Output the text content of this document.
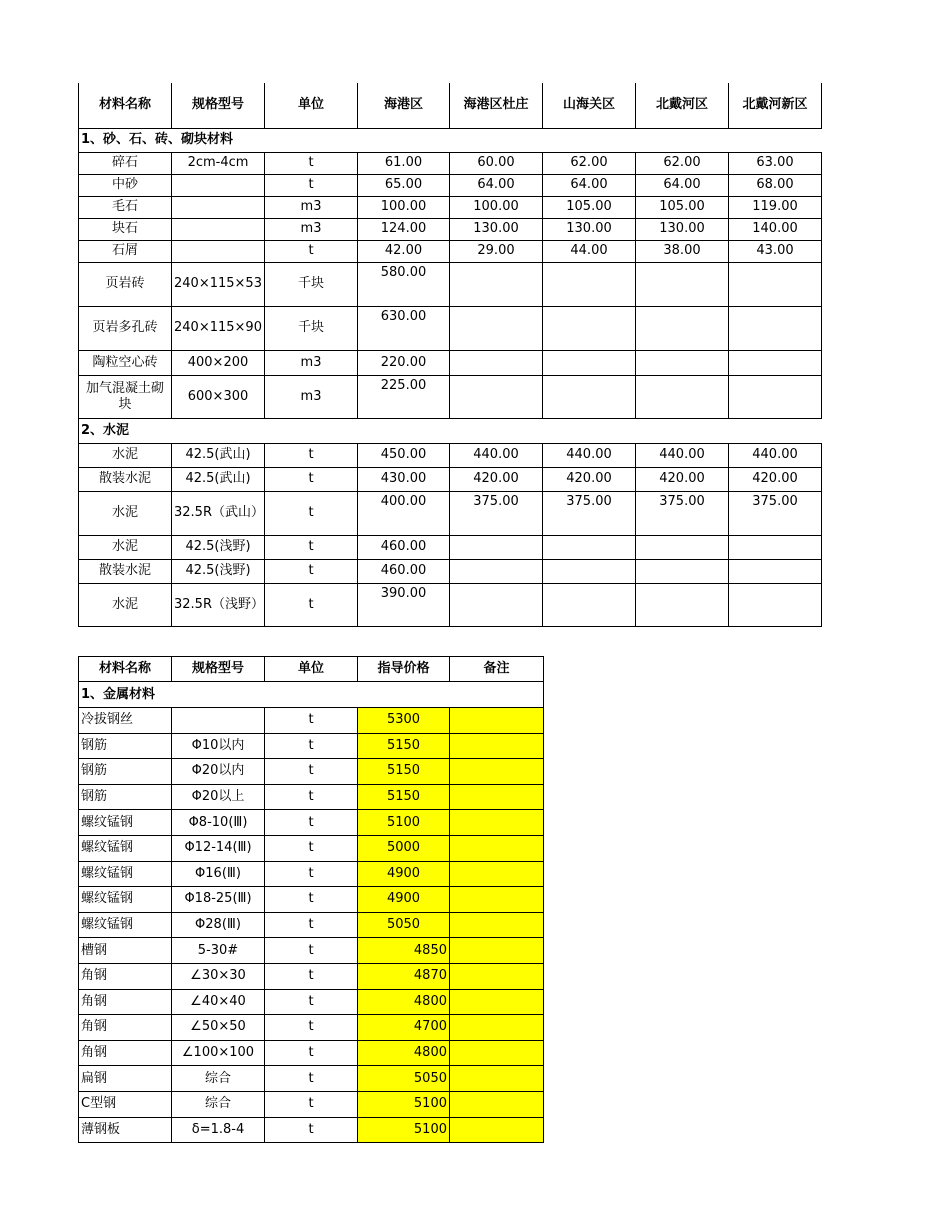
材料名称	规格型号	单位	海港区	海港区杜庄	山海关区	北戴河区	北戴河新区
1、砂、石、砖、砌块材料							
碎石	2cm-4cm	t	61.00	60.00	62.00	62.00	63.00
中砂		t	65.00	64.00	64.00	64.00	68.00
毛石		m3	100.00	100.00	105.00	105.00	119.00
块石		m3	124.00	130.00	130.00	130.00	140.00
石屑		t	42.00	29.00	44.00	38.00	43.00
页岩砖	240×115×53	千块	580.00				
页岩多孔砖	240×115×90	千块	630.00				
陶粒空心砖	400×200	m3	220.00				
加气混凝土砌块	600×300	m3	225.00				
2、水泥							
水泥	42.5(武山)	t	450.00	440.00	440.00	440.00	440.00
散装水泥	42.5(武山)	t	430.00	420.00	420.00	420.00	420.00
水泥	32.5R（武山）	t	400.00	375.00	375.00	375.00	375.00
水泥	42.5(浅野)	t	460.00				
散装水泥	42.5(浅野)	t	460.00				
水泥	32.5R（浅野）	t	390.00				
材料名称	规格型号	单位	指导价格	备注
1、金属材料				
冷拔钢丝		t	5300	
钢筋	Φ10以内	t	5150	
钢筋	Φ20以内	t	5150	
钢筋	Φ20以上	t	5150	
螺纹锰钢	Φ8-10(Ⅲ)	t	5100	
螺纹锰钢	Φ12-14(Ⅲ)	t	5000	
螺纹锰钢	Φ16(Ⅲ)	t	4900	
螺纹锰钢	Φ18-25(Ⅲ)	t	4900	
螺纹锰钢	Φ28(Ⅲ)	t	5050	
槽钢	5-30#	t	4850	
角钢	∠30×30	t	4870	
角钢	∠40×40	t	4800	
角钢	∠50×50	t	4700	
角钢	∠100×100	t	4800	
扁钢	综合	t	5050	
C型钢	综合	t	5100	
薄钢板	δ=1.8-4	t	5100	
